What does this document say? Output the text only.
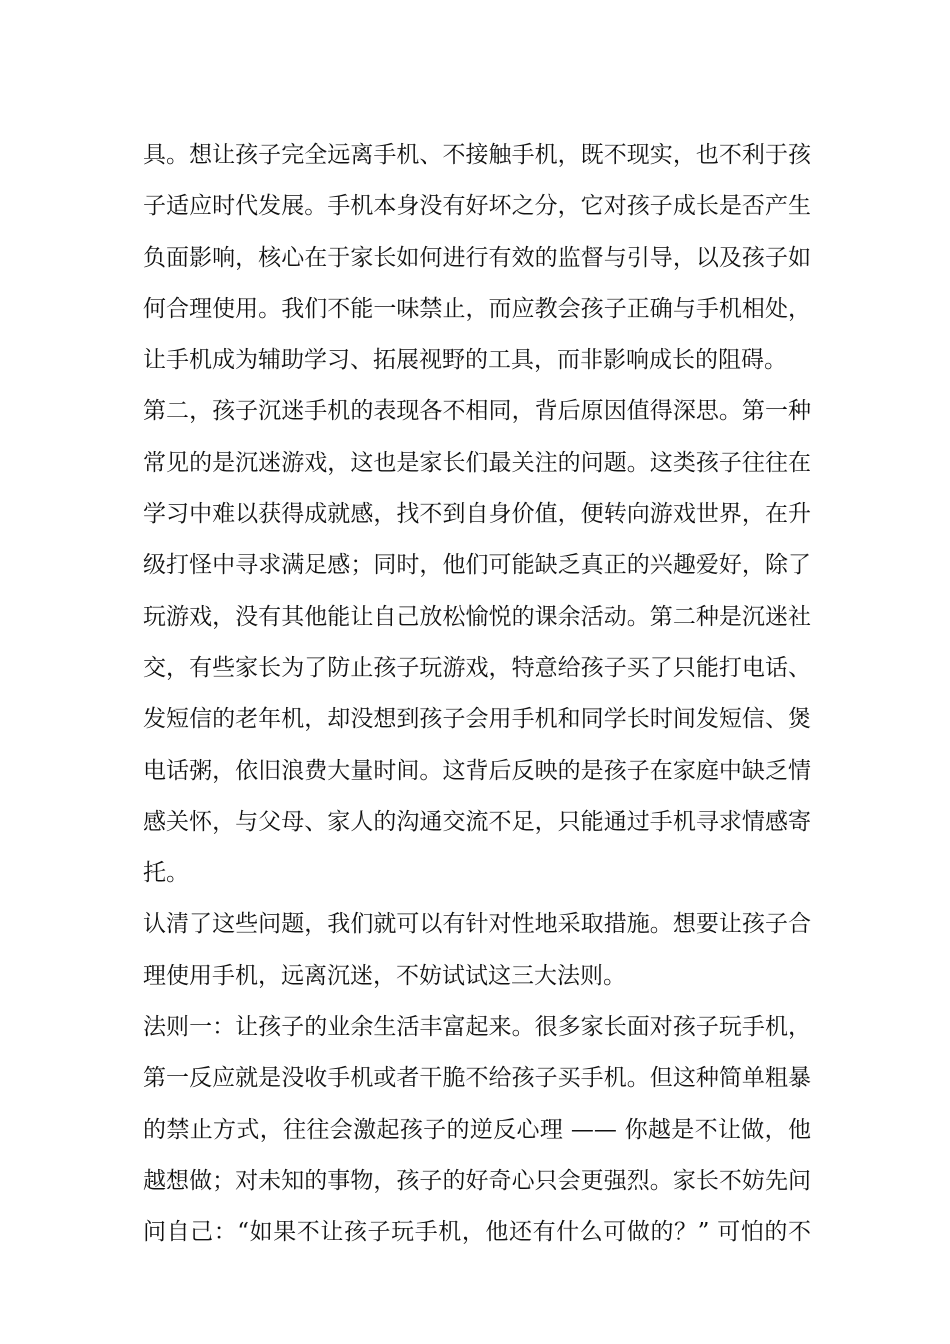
具。想让孩子完全远离手机、不接触手机，既不现实，也不利于孩
子适应时代发展。手机本身没有好坏之分，它对孩子成长是否产生
负面影响，核心在于家长如何进行有效的监督与引导，以及孩子如
何合理使用。我们不能一味禁止，而应教会孩子正确与手机相处，
让手机成为辅助学习、拓展视野的工具，而非影响成长的阻碍。
第二，孩子沉迷手机的表现各不相同，背后原因值得深思。第一种
常见的是沉迷游戏，这也是家长们最关注的问题。这类孩子往往在
学习中难以获得成就感，找不到自身价值，便转向游戏世界，在升
级打怪中寻求满足感；同时，他们可能缺乏真正的兴趣爱好，除了
玩游戏，没有其他能让自己放松愉悦的课余活动。第二种是沉迷社
交，有些家长为了防止孩子玩游戏，特意给孩子买了只能打电话、
发短信的老年机，却没想到孩子会用手机和同学长时间发短信、煲
电话粥，依旧浪费大量时间。这背后反映的是孩子在家庭中缺乏情
感关怀，与父母、家人的沟通交流不足，只能通过手机寻求情感寄
托。
认清了这些问题，我们就可以有针对性地采取措施。想要让孩子合
理使用手机，远离沉迷，不妨试试这三大法则。
法则一：让孩子的业余生活丰富起来。很多家长面对孩子玩手机，
第一反应就是没收手机或者干脆不给孩子买手机。但这种简单粗暴
的禁止方式，往往会激起孩子的逆反心理 —— 你越是不让做，他
越想做；对未知的事物，孩子的好奇心只会更强烈。家长不妨先问
问自己：“如果不让孩子玩手机，他还有什么可做的？” 可怕的不
